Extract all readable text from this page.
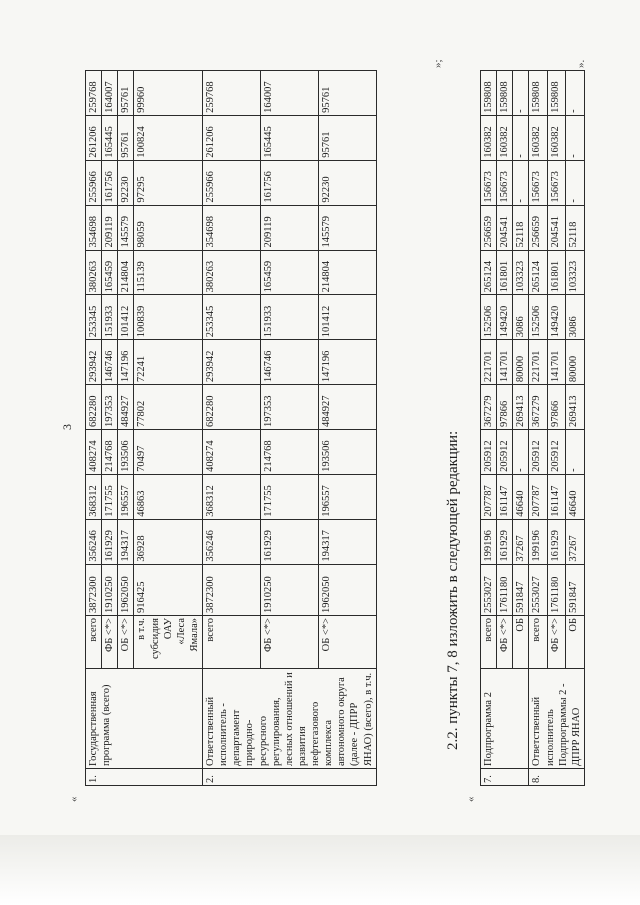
3
«
»;
1.	Государственная программа (всего)	всего	3872300	356246	368312	408274	682280	293942	253345	380263	354698	255966	261206	259768
		ФБ <*>	1910250	161929	171755	214768	197353	146746	151933	165459	209119	161756	165445	164007
		ОБ <*>	1962050	194317	196557	193506	484927	147196	101412	214804	145579	92230	95761	95761
		в т.ч. субсидия ОАУ «Леса Ямала»	916425	36928	46863	70497	77802	72241	100839	115139	98059	97295	100824	99960
2.	Ответственный исполнитель - департамент природно-ресурсного регулирования, лесных отношений и развития нефтегазового комплекса автономного округа (далее - ДПРР ЯНАО) (всего), в т.ч.	всего	3872300	356246	368312	408274	682280	293942	253345	380263	354698	255966	261206	259768
		ФБ <*>	1910250	161929	171755	214768	197353	146746	151933	165459	209119	161756	165445	164007
		ОБ <*>	1962050	194317	196557	193506	484927	147196	101412	214804	145579	92230	95761	95761
2.2. пункты 7, 8 изложить в следующей редакции:
«
7.	Подпрограмма 2	всего	2553027	199196	207787	205912	367279	221701	152506	265124	256659	156673	160382	159808
		ФБ <*>	1761180	161929	161147	205912	97866	141701	149420	161801	204541	156673	160382	159808
		ОБ	591847	37267	46640	-	269413	80000	3086	103323	52118	-	-	-
8.	Ответственный исполнитель Подпрограммы 2 - ДПРР ЯНАО	всего	2553027	199196	207787	205912	367279	221701	152506	265124	256659	156673	160382	159808
		ФБ <*>	1761180	161929	161147	205912	97866	141701	149420	161801	204541	156673	160382	159808
		ОБ	591847	37267	46640	-	269413	80000	3086	103323	52118	-	-	-
».
